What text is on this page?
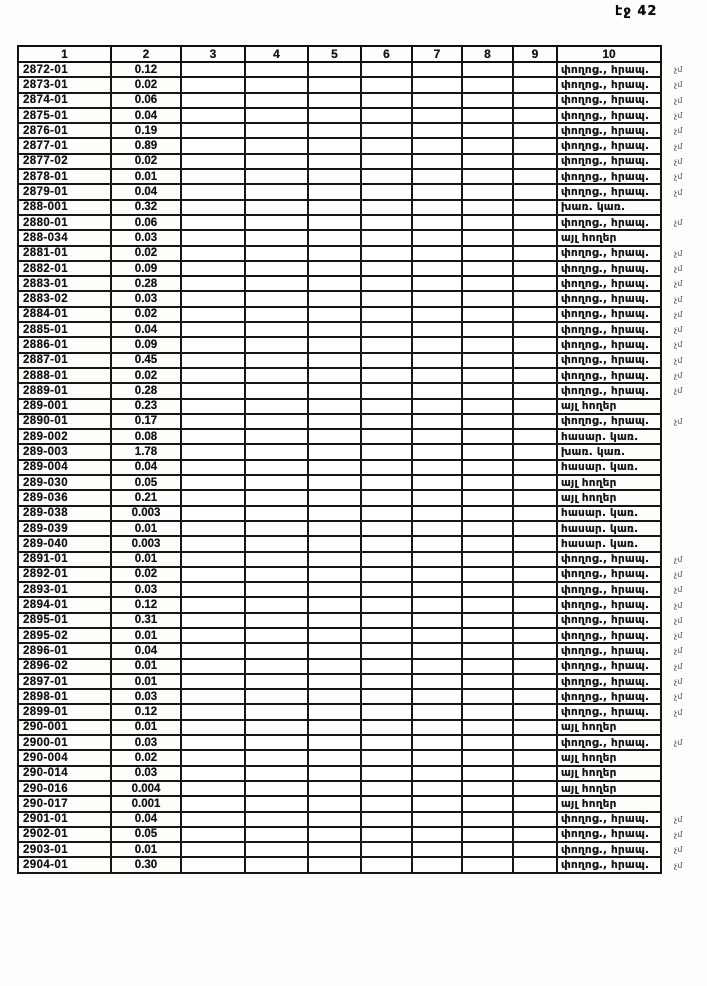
էջ 42
1	2	3	4	5	6	7	8	9	10	
2872-01	0.12								փողոց., հրապ.	չմ
2873-01	0.02								փողոց., հրապ.	չմ
2874-01	0.06								փողոց., հրապ.	չմ
2875-01	0.04								փողոց., հրապ.	չմ
2876-01	0.19								փողոց., հրապ.	չմ
2877-01	0.89								փողոց., հրապ.	չմ
2877-02	0.02								փողոց., հրապ.	չմ
2878-01	0.01								փողոց., հրապ.	չմ
2879-01	0.04								փողոց., հրապ.	չմ
288-001	0.32								խառ. կառ.	
2880-01	0.06								փողոց., հրապ.	չմ
288-034	0.03								այլ հողեր	
2881-01	0.02								փողոց., հրապ.	չմ
2882-01	0.09								փողոց., հրապ.	չմ
2883-01	0.28								փողոց., հրապ.	չմ
2883-02	0.03								փողոց., հրապ.	չմ
2884-01	0.02								փողոց., հրապ.	չմ
2885-01	0.04								փողոց., հրապ.	չմ
2886-01	0.09								փողոց., հրապ.	չմ
2887-01	0.45								փողոց., հրապ.	չմ
2888-01	0.02								փողոց., հրապ.	չմ
2889-01	0.28								փողոց., հրապ.	չմ
289-001	0.23								այլ հողեր	
2890-01	0.17								փողոց., հրապ.	չմ
289-002	0.08								հասար. կառ.	
289-003	1.78								խառ. կառ.	
289-004	0.04								հասար. կառ.	
289-030	0.05								այլ հողեր	
289-036	0.21								այլ հողեր	
289-038	0.003								հասար. կառ.	
289-039	0.01								հասար. կառ.	
289-040	0.003								հասար. կառ.	
2891-01	0.01								փողոց., հրապ.	չմ
2892-01	0.02								փողոց., հրապ.	չմ
2893-01	0.03								փողոց., հրապ.	չմ
2894-01	0.12								փողոց., հրապ.	չմ
2895-01	0.31								փողոց., հրապ.	չմ
2895-02	0.01								փողոց., հրապ.	չմ
2896-01	0.04								փողոց., հրապ.	չմ
2896-02	0.01								փողոց., հրապ.	չմ
2897-01	0.01								փողոց., հրապ.	չմ
2898-01	0.03								փողոց., հրապ.	չմ
2899-01	0.12								փողոց., հրապ.	չմ
290-001	0.01								այլ հողեր	
2900-01	0.03								փողոց., հրապ.	չմ
290-004	0.02								այլ հողեր	
290-014	0.03								այլ հողեր	
290-016	0.004								այլ հողեր	
290-017	0.001								այլ հողեր	
2901-01	0.04								փողոց., հրապ.	չմ
2902-01	0.05								փողոց., հրապ.	չմ
2903-01	0.01								փողոց., հրապ.	չմ
2904-01	0.30								փողոց., հրապ.	չմ
